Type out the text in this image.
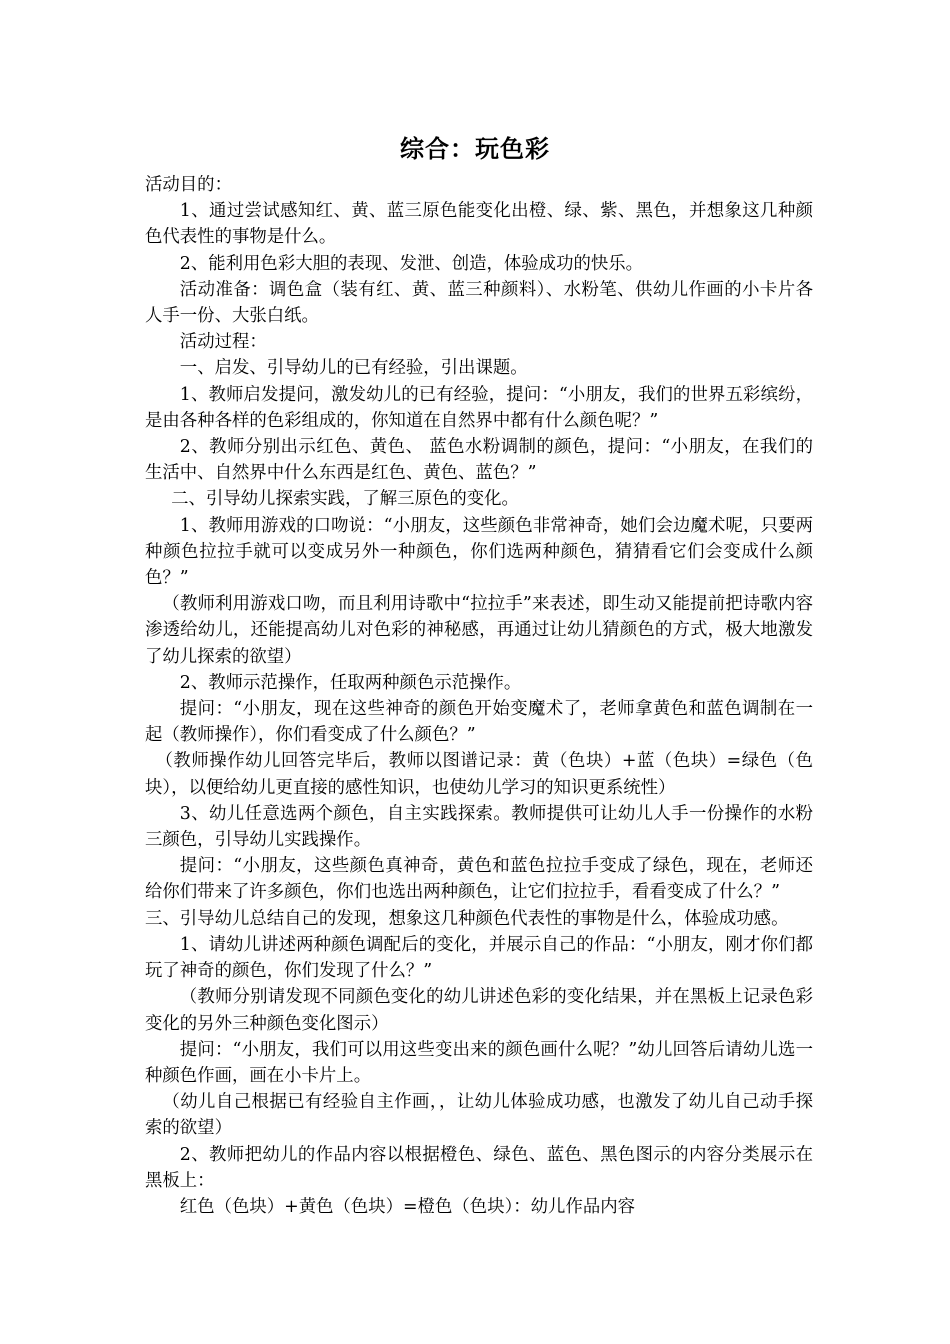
综合：玩色彩

活动目的：

1、通过尝试感知红、黄、蓝三原色能变化出橙、绿、紫、黑色，并想象这几种颜色代表性的事物是什么。

2、能利用色彩大胆的表现、发泄、创造，体验成功的快乐。

活动准备：调色盒（装有红、黄、蓝三种颜料）、水粉笔、供幼儿作画的小卡片各人手一份、大张白纸。

活动过程：

一、启发、引导幼儿的已有经验，引出课题。

1、教师启发提问，激发幼儿的已有经验，提问：“小朋友，我们的世界五彩缤纷，是由各种各样的色彩组成的，你知道在自然界中都有什么颜色呢？”

2、教师分别出示红色、黄色、 蓝色水粉调制的颜色，提问：“小朋友，在我们的生活中、自然界中什么东西是红色、黄色、蓝色？”

二、引导幼儿探索实践，了解三原色的变化。

1、教师用游戏的口吻说：“小朋友，这些颜色非常神奇，她们会边魔术呢，只要两种颜色拉拉手就可以变成另外一种颜色，你们选两种颜色，猜猜看它们会变成什么颜色？”

（教师利用游戏口吻，而且利用诗歌中“拉拉手”来表述，即生动又能提前把诗歌内容渗透给幼儿，还能提高幼儿对色彩的神秘感，再通过让幼儿猜颜色的方式，极大地激发了幼儿探索的欲望）

2、教师示范操作，任取两种颜色示范操作。

提问：“小朋友，现在这些神奇的颜色开始变魔术了，老师拿黄色和蓝色调制在一起（教师操作），你们看变成了什么颜色？”

（教师操作幼儿回答完毕后，教师以图谱记录：黄（色块）+蓝（色块）=绿色（色块），以便给幼儿更直接的感性知识，也使幼儿学习的知识更系统性）

3、幼儿任意选两个颜色，自主实践探索。教师提供可让幼儿人手一份操作的水粉三颜色，引导幼儿实践操作。

提问：“小朋友，这些颜色真神奇，黄色和蓝色拉拉手变成了绿色，现在，老师还给你们带来了许多颜色，你们也选出两种颜色，让它们拉拉手，看看变成了什么？”

三、引导幼儿总结自己的发现，想象这几种颜色代表性的事物是什么，体验成功感。

1、请幼儿讲述两种颜色调配后的变化，并展示自己的作品：“小朋友，刚才你们都玩了神奇的颜色，你们发现了什么？”

（教师分别请发现不同颜色变化的幼儿讲述色彩的变化结果，并在黑板上记录色彩变化的另外三种颜色变化图示）

提问：“小朋友，我们可以用这些变出来的颜色画什么呢？”幼儿回答后请幼儿选一种颜色作画，画在小卡片上。

（幼儿自己根据已有经验自主作画，，让幼儿体验成功感，也激发了幼儿自己动手探索的欲望）

2、教师把幼儿的作品内容以根据橙色、绿色、蓝色、黑色图示的内容分类展示在黑板上：

红色（色块）+黄色（色块）=橙色（色块）：幼儿作品内容
